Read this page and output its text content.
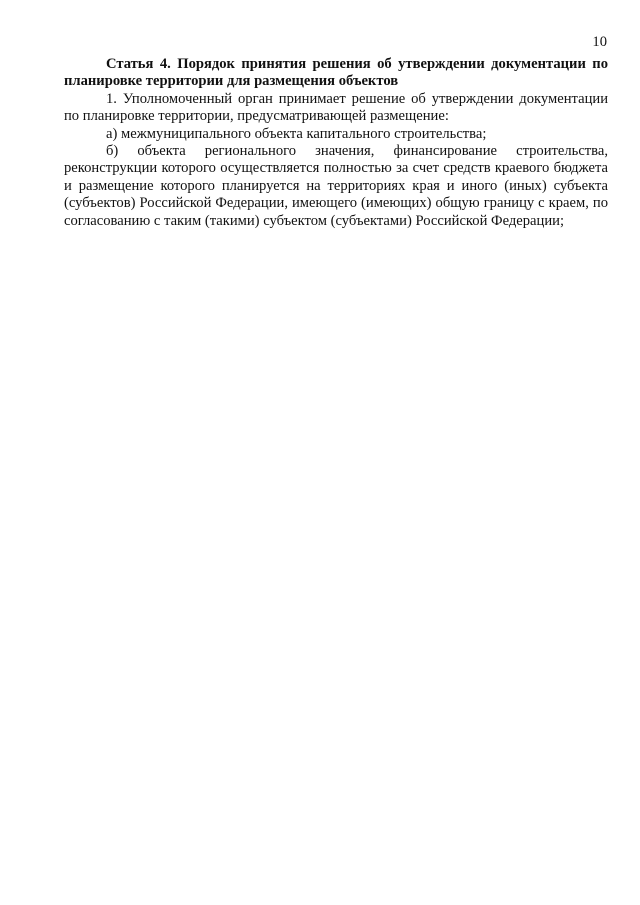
10

Статья 4. Порядок принятия решения об утверждении документации по планировке территории для размещения объектов

1. Уполномоченный орган принимает решение об утверждении документации по планировке территории, предусматривающей размещение:

а) межмуниципального объекта капитального строительства;

б) объекта регионального значения, финансирование строительства, реконструкции которого осуществляется полностью за счет средств краевого бюджета и размещение которого планируется на территориях края и иного (иных) субъекта (субъектов) Российской Федерации, имеющего (имеющих) общую границу с краем, по согласованию с таким (такими) субъектом (субъектами) Российской Федерации;
